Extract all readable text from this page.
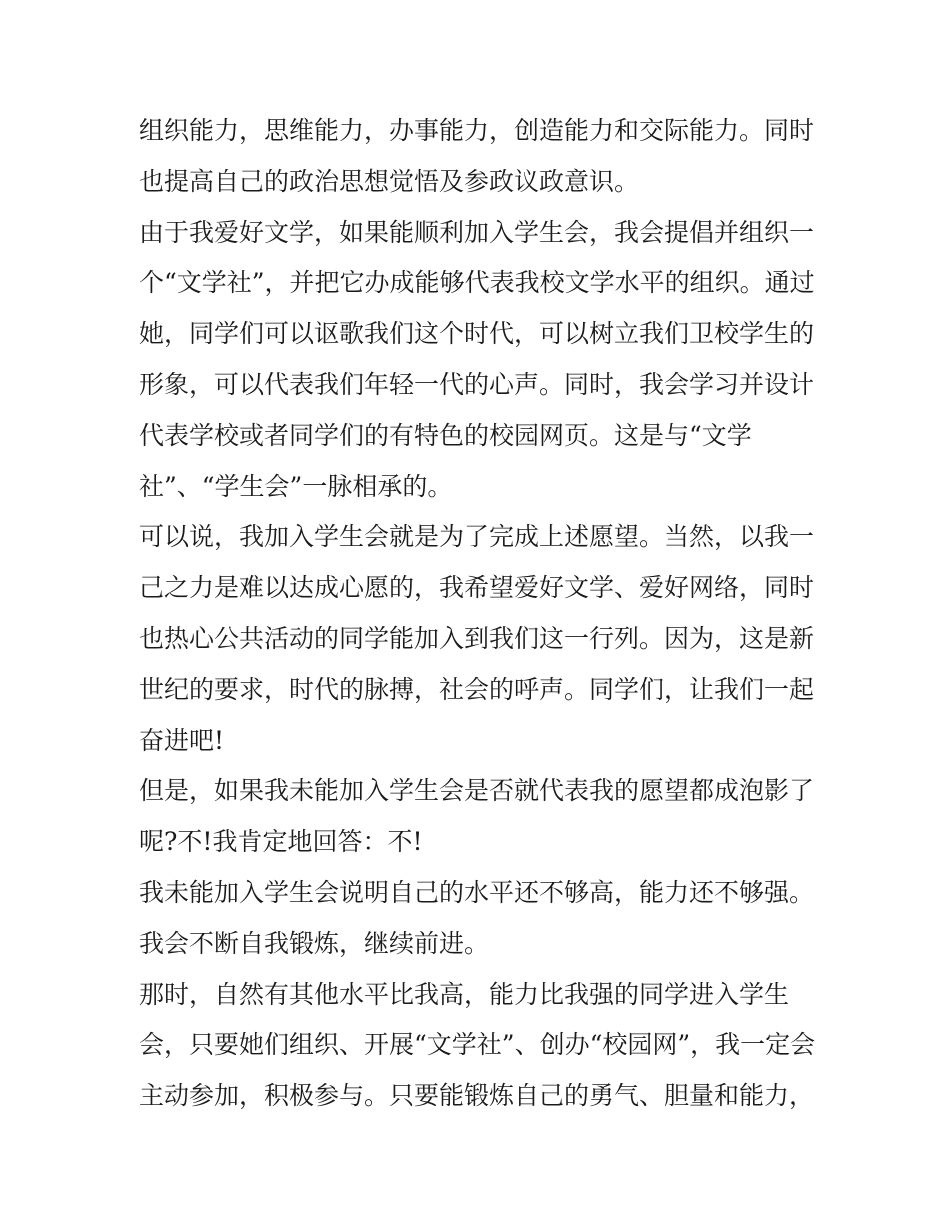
组织能力，思维能力，办事能力，创造能力和交际能力。同时
也提高自己的政治思想觉悟及参政议政意识。

由于我爱好文学，如果能顺利加入学生会，我会提倡并组织一
个“文学社”，并把它办成能够代表我校文学水平的组织。通过
她，同学们可以讴歌我们这个时代，可以树立我们卫校学生的
形象，可以代表我们年轻一代的心声。同时，我会学习并设计
代表学校或者同学们的有特色的校园网页。这是与“文学
社”、“学生会”一脉相承的。

可以说，我加入学生会就是为了完成上述愿望。当然，以我一
己之力是难以达成心愿的，我希望爱好文学、爱好网络，同时
也热心公共活动的同学能加入到我们这一行列。因为，这是新
世纪的要求，时代的脉搏，社会的呼声。同学们，让我们一起
奋进吧!

但是，如果我未能加入学生会是否就代表我的愿望都成泡影了
呢?不!我肯定地回答：不!

我未能加入学生会说明自己的水平还不够高，能力还不够强。
我会不断自我锻炼，继续前进。

那时，自然有其他水平比我高，能力比我强的同学进入学生
会，只要她们组织、开展“文学社”、创办“校园网”，我一定会
主动参加，积极参与。只要能锻炼自己的勇气、胆量和能力，
